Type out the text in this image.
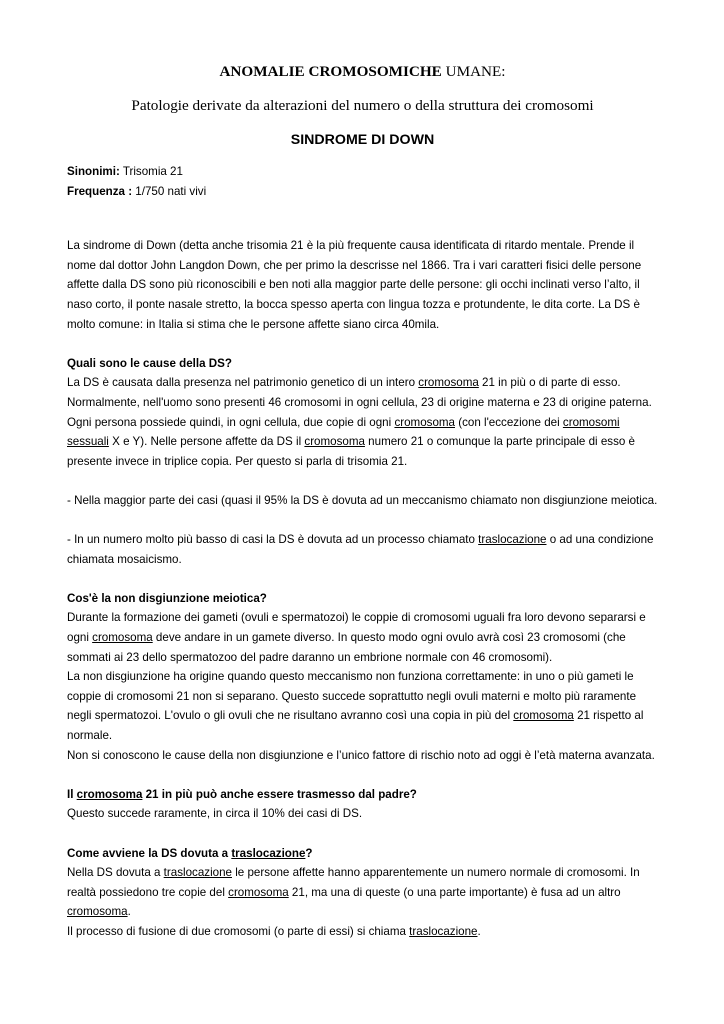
ANOMALIE CROMOSOMICHE UMANE:

Patologie derivate da alterazioni del numero o della struttura dei cromosomi

SINDROME DI DOWN

Sinonimi: Trisomia 21

Frequenza : 1/750 nati vivi

La sindrome di Down (detta anche trisomia 21 è la più frequente causa identificata di ritardo mentale. Prende il nome dal dottor John Langdon Down, che per primo la descrisse nel 1866. Tra i vari caratteri fisici delle persone affette dalla DS sono più riconoscibili e ben noti alla maggior parte delle persone: gli occhi inclinati verso l’alto, il naso corto, il ponte nasale stretto, la bocca spesso aperta con lingua tozza e protundente, le dita corte. La DS è molto comune: in Italia si stima che le persone affette siano circa 40mila.

Quali sono le cause della DS?

La DS è causata dalla presenza nel patrimonio genetico di un intero cromosoma 21 in più o di parte di esso. Normalmente, nell'uomo sono presenti 46 cromosomi in ogni cellula, 23 di origine materna e 23 di origine paterna. Ogni persona possiede quindi, in ogni cellula, due copie di ogni cromosoma (con l'eccezione dei cromosomi sessuali X e Y). Nelle persone affette da DS il cromosoma numero 21 o comunque la parte principale di esso è presente invece in triplice copia. Per questo si parla di trisomia 21.

- Nella maggior parte dei casi (quasi il 95% la DS è dovuta ad un meccanismo chiamato non disgiunzione meiotica.

- In un numero molto più basso di casi la DS è dovuta ad un processo chiamato traslocazione o ad una condizione chiamata mosaicismo.

Cos'è la non disgiunzione meiotica?

Durante la formazione dei gameti (ovuli e spermatozoi) le coppie di cromosomi uguali fra loro devono separarsi e ogni cromosoma deve andare in un gamete diverso. In questo modo ogni ovulo avrà così 23 cromosomi (che sommati ai 23 dello spermatozoo del padre daranno un embrione normale con 46 cromosomi).

La non disgiunzione ha origine quando questo meccanismo non funziona correttamente: in uno o più gameti le coppie di cromosomi 21 non si separano. Questo succede soprattutto negli ovuli materni e molto più raramente negli spermatozoi. L'ovulo o gli ovuli che ne risultano avranno così una copia in più del cromosoma 21 rispetto al normale.

Non si conoscono le cause della non disgiunzione e l’unico fattore di rischio noto ad oggi è l’età materna avanzata.

Il cromosoma 21 in più può anche essere trasmesso dal padre?

Questo succede raramente, in circa il 10% dei casi di DS.

Come avviene la DS dovuta a traslocazione?

Nella DS dovuta a traslocazione le persone affette hanno apparentemente un numero normale di cromosomi. In realtà possiedono tre copie del cromosoma 21, ma una di queste (o una parte importante) è fusa ad un altro cromosoma.

Il processo di fusione di due cromosomi (o parte di essi) si chiama traslocazione.
